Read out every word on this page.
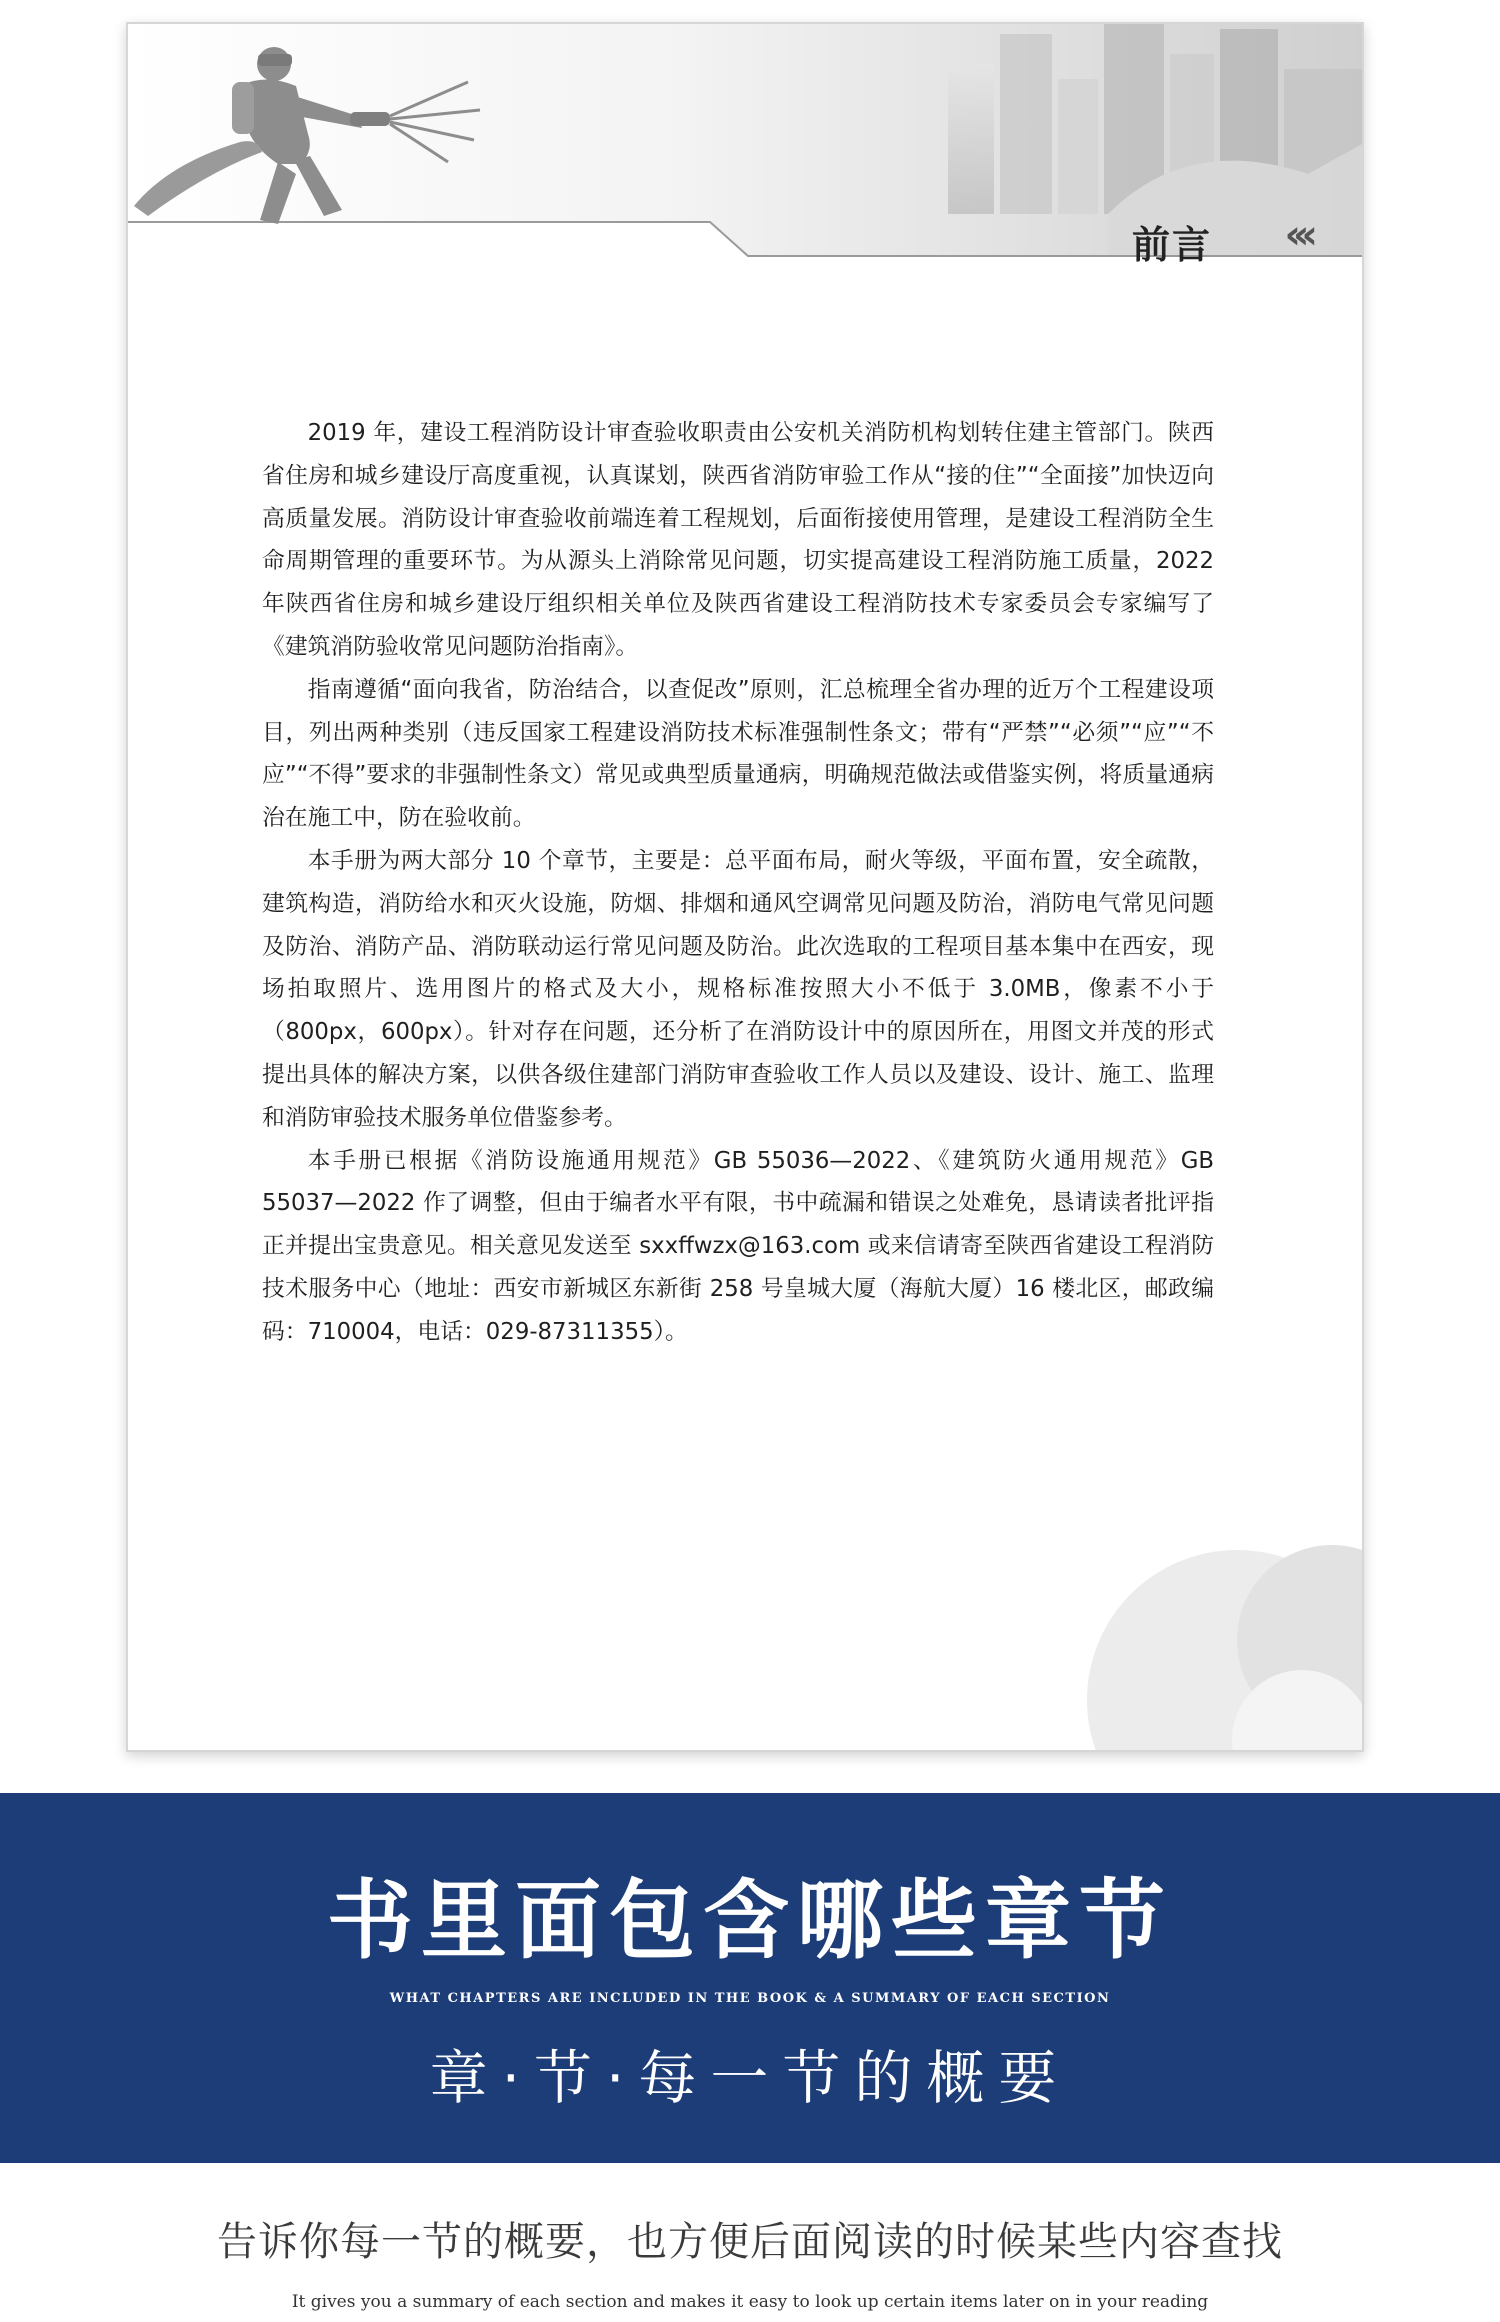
前言 ‹‹‹

2019 年，建设工程消防设计审查验收职责由公安机关消防机构划转住建主管部门。陕西省住房和城乡建设厅高度重视，认真谋划，陕西省消防审验工作从“接的住”“全面接”加快迈向高质量发展。消防设计审查验收前端连着工程规划，后面衔接使用管理，是建设工程消防全生命周期管理的重要环节。为从源头上消除常见问题，切实提高建设工程消防施工质量，2022 年陕西省住房和城乡建设厅组织相关单位及陕西省建设工程消防技术专家委员会专家编写了《建筑消防验收常见问题防治指南》。

指南遵循“面向我省，防治结合，以查促改”原则，汇总梳理全省办理的近万个工程建设项目，列出两种类别（违反国家工程建设消防技术标准强制性条文；带有“严禁”“必须”“应”“不应”“不得”要求的非强制性条文）常见或典型质量通病，明确规范做法或借鉴实例，将质量通病治在施工中，防在验收前。

本手册为两大部分 10 个章节，主要是：总平面布局，耐火等级，平面布置，安全疏散，建筑构造，消防给水和灭火设施，防烟、排烟和通风空调常见问题及防治，消防电气常见问题及防治、消防产品、消防联动运行常见问题及防治。此次选取的工程项目基本集中在西安，现场拍取照片、选用图片的格式及大小，规格标准按照大小不低于 3.0MB，像素不小于（800px，600px）。针对存在问题，还分析了在消防设计中的原因所在，用图文并茂的形式提出具体的解决方案，以供各级住建部门消防审查验收工作人员以及建设、设计、施工、监理和消防审验技术服务单位借鉴参考。

本手册已根据《消防设施通用规范》GB 55036—2022、《建筑防火通用规范》GB 55037—2022 作了调整，但由于编者水平有限，书中疏漏和错误之处难免，恳请读者批评指正并提出宝贵意见。相关意见发送至 sxxffwzx@163.com 或来信请寄至陕西省建设工程消防技术服务中心（地址：西安市新城区东新街 258 号皇城大厦（海航大厦）16 楼北区，邮政编码：710004，电话：029-87311355）。

书里面包含哪些章节
WHAT CHAPTERS ARE INCLUDED IN THE BOOK & A SUMMARY OF EACH SECTION
章·节·每一节的概要
告诉你每一节的概要，也方便后面阅读的时候某些内容查找
It gives you a summary of each section and makes it easy to look up certain items later on in your reading
